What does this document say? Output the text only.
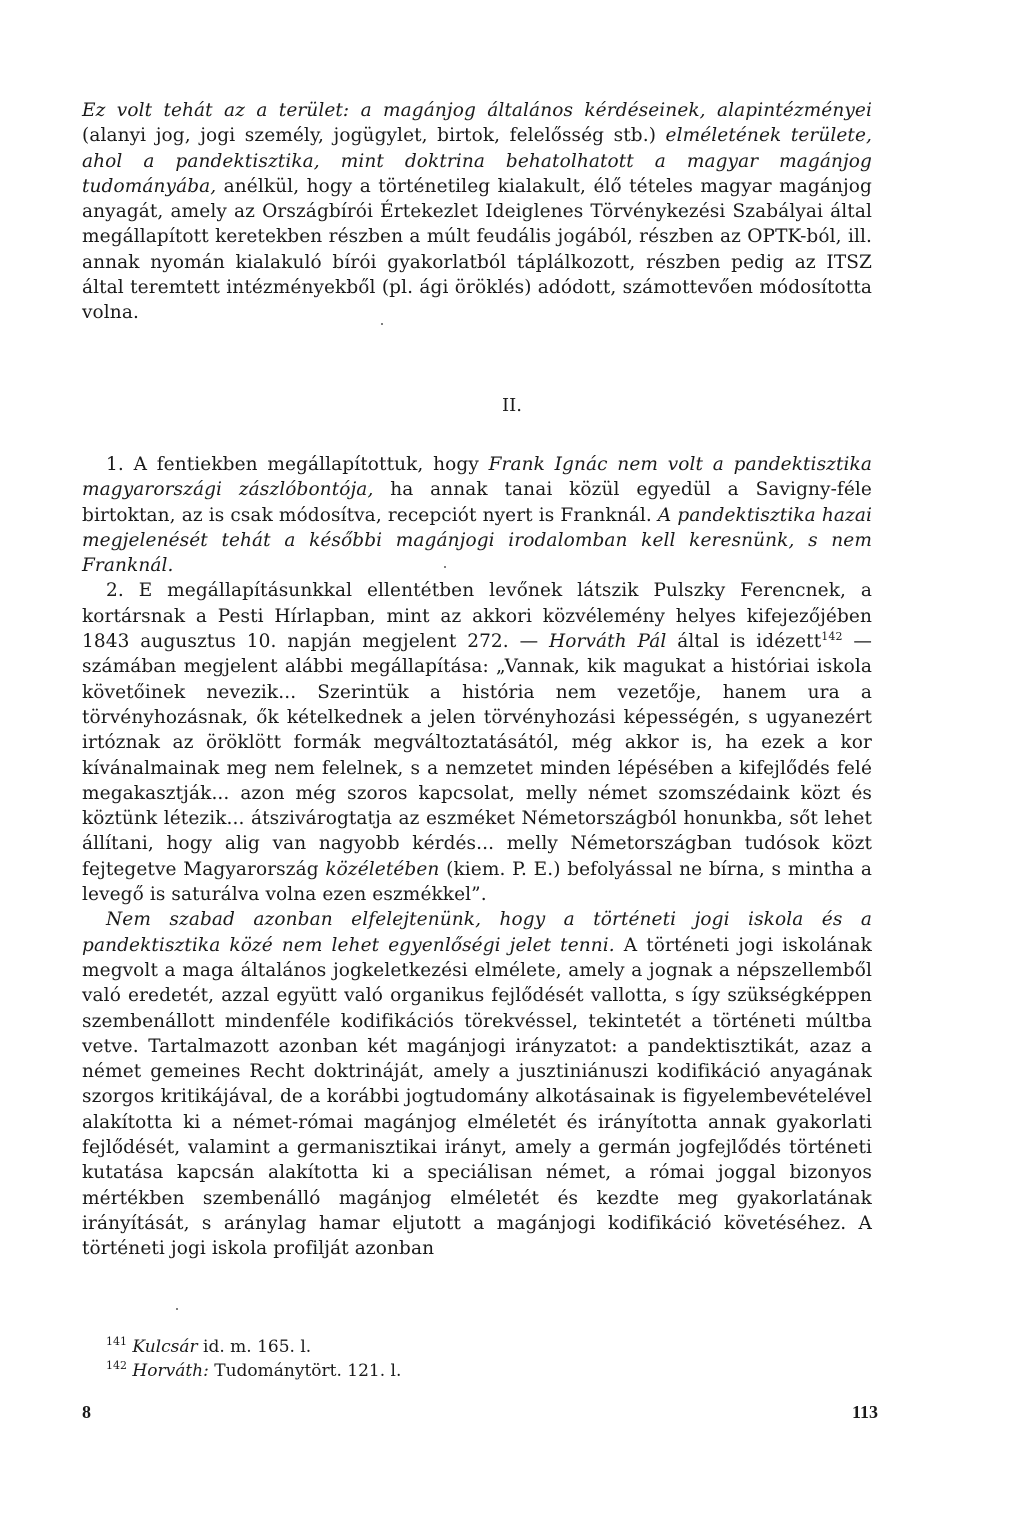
Ez volt tehát az a terület: a magánjog általános kérdéseinek, alapintézményei (alanyi jog, jogi személy, jogügylet, birtok, felelősség stb.) elméletének területe, ahol a pandektisztika, mint doktrina behatolhatott a magyar magánjog tudományába, anélkül, hogy a történetileg kialakult, élő tételes magyar magánjog anyagát, amely az Országbírói Értekezlet Ideiglenes Törvénykezési Szabályai által megállapított keretekben részben a múlt feudális jogából, részben az OPTK-ból, ill. annak nyomán kialakuló bírói gyakorlatból táplálkozott, részben pedig az ITSZ által teremtett intézményekből (pl. ági öröklés) adódott, számottevően módosította volna.

II.

1. A fentiekben megállapítottuk, hogy Frank Ignác nem volt a pandektisztika magyarországi zászlóbontója, ha annak tanai közül egyedül a Savigny-féle birtoktan, az is csak módosítva, recepciót nyert is Franknál. A pandektisztika hazai megjelenését tehát a későbbi magánjogi irodalomban kell keresnünk, s nem Franknál.

2. E megállapításunkkal ellentétben levőnek látszik Pulszky Ferencnek, a kortársnak a Pesti Hírlapban, mint az akkori közvélemény helyes kifejezőjében 1843 augusztus 10. napján megjelent 272. — Horváth Pál által is idézett$^{142}$ — számában megjelent alábbi megállapítása: „Vannak, kik magukat a históriai iskola követőinek nevezik... Szerintük a história nem vezetője, hanem ura a törvényhozásnak, ők kételkednek a jelen törvényhozási képességén, s ugyanezért irtóznak az öröklött formák megváltoztatásától, még akkor is, ha ezek a kor kívánalmainak meg nem felelnek, s a nemzetet minden lépésében a kifejlődés felé megakasztják... azon még szoros kapcsolat, melly német szomszédaink közt és köztünk létezik... átszivárogtatja az eszméket Németországból honunkba, sőt lehet állítani, hogy alig van nagyobb kérdés... melly Németországban tudósok közt fejtegetve Magyarország közéletében (kiem. P. E.) befolyással ne bírna, s mintha a levegő is saturálva volna ezen eszmékkel”.

Nem szabad azonban elfelejtenünk, hogy a történeti jogi iskola és a pandektisztika közé nem lehet egyenlőségi jelet tenni. A történeti jogi iskolának megvolt a maga általános jogkeletkezési elmélete, amely a jognak a népszellemből való eredetét, azzal együtt való organikus fejlődését vallotta, s így szükségképpen szembenállott mindenféle kodifikációs törekvéssel, tekintetét a történeti múltba vetve. Tartalmazott azonban két magánjogi irányzatot: a pandektisztikát, azaz a német gemeines Recht doktrináját, amely a jusztiniánuszi kodifikáció anyagának szorgos kritikájával, de a korábbi jogtudomány alkotásainak is figyelembevételével alakította ki a német-római magánjog elméletét és irányította annak gyakorlati fejlődését, valamint a germanisztikai irányt, amely a germán jogfejlődés történeti kutatása kapcsán alakította ki a speciálisan német, a római joggal bizonyos mértékben szembenálló magánjog elméletét és kezdte meg gyakorlatának irányítását, s aránylag hamar eljutott a magánjogi kodifikáció követéséhez. A történeti jogi iskola profilját azonban

$^{141}$ Kulcsár id. m. 165. l.
$^{142}$ Horváth: Tudománytört. 121. l.
8	113
